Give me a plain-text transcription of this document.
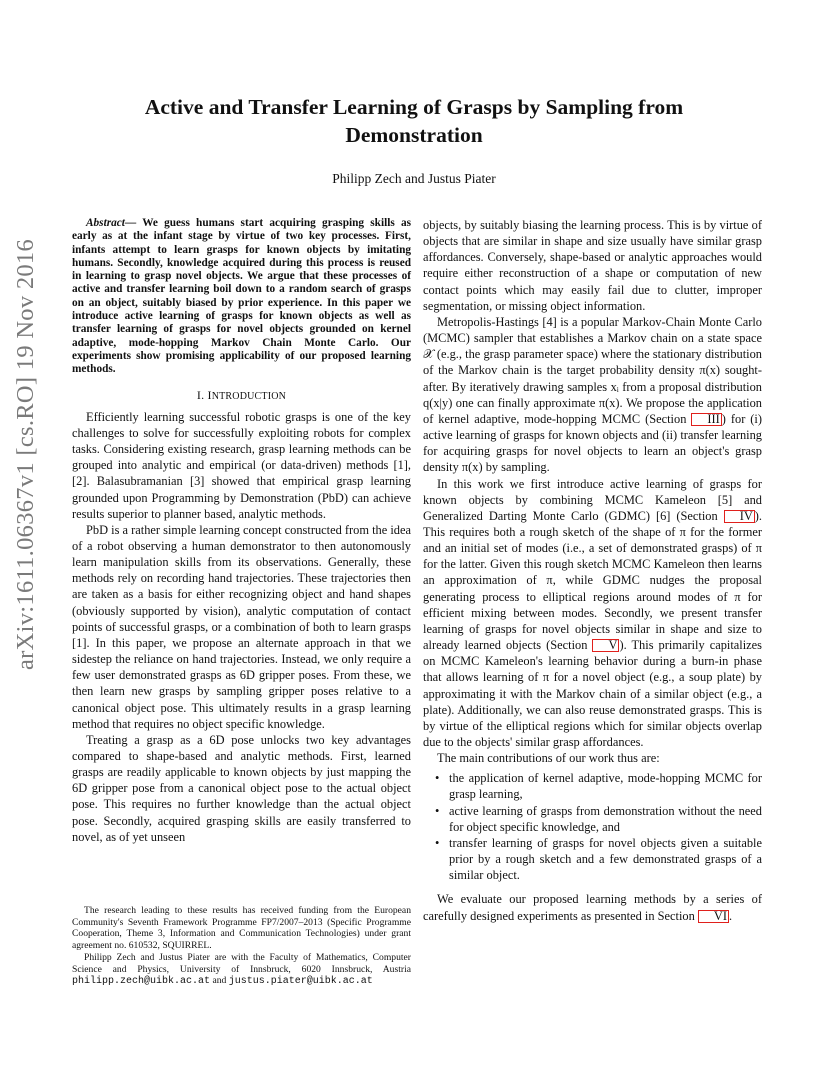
arXiv:1611.06367v1 [cs.RO] 19 Nov 2016
Active and Transfer Learning of Grasps by Sampling from
Demonstration
Philipp Zech and Justus Piater

Abstract— We guess humans start acquiring grasping skills as early as at the infant stage by virtue of two key processes. First, infants attempt to learn grasps for known objects by imitating humans. Secondly, knowledge acquired during this process is reused in learning to grasp novel objects. We argue that these processes of active and transfer learning boil down to a random search of grasps on an object, suitably biased by prior experience. In this paper we introduce active learning of grasps for known objects as well as transfer learning of grasps for novel objects grounded on kernel adaptive, mode-hopping Markov Chain Monte Carlo. Our experiments show promising applicability of our proposed learning methods.

I. INTRODUCTION

Efficiently learning successful robotic grasps is one of the key challenges to solve for successfully exploiting robots for complex tasks. Considering existing research, grasp learning methods can be grouped into analytic and empirical (or data-driven) methods [1], [2]. Balasubramanian [3] showed that empirical grasp learning grounded upon Programming by Demonstration (PbD) can achieve results superior to planner based, analytic methods.

PbD is a rather simple learning concept constructed from the idea of a robot observing a human demonstrator to then autonomously learn manipulation skills from its observations. Generally, these methods rely on recording hand trajectories. These trajectories then are taken as a basis for either recognizing object and hand shapes (obviously supported by vision), analytic computation of contact points of successful grasps, or a combination of both to learn grasps [1]. In this paper, we propose an alternate approach in that we sidestep the reliance on hand trajectories. Instead, we only require a few user demonstrated grasps as 6D gripper poses. From these, we then learn new grasps by sampling gripper poses relative to a canonical object pose. This ultimately results in a grasp learning method that requires no object specific knowledge.

Treating a grasp as a 6D pose unlocks two key advantages compared to shape-based and analytic methods. First, learned grasps are readily applicable to known objects by just mapping the 6D gripper pose from a canonical object pose to the actual object pose. This requires no further knowledge than the actual object pose. Secondly, acquired grasping skills are easily transferred to novel, as of yet unseen

The research leading to these results has received funding from the European Community's Seventh Framework Programme FP7/2007–2013 (Specific Programme Cooperation, Theme 3, Information and Communication Technologies) under grant agreement no. 610532, SQUIRREL.

Philipp Zech and Justus Piater are with the Faculty of Mathematics, Computer Science and Physics, University of Innsbruck, 6020 Innsbruck, Austria philipp.zech@uibk.ac.at and justus.piater@uibk.ac.at

objects, by suitably biasing the learning process. This is by virtue of objects that are similar in shape and size usually have similar grasp affordances. Conversely, shape-based or analytic approaches would require either reconstruction of a shape or computation of new contact points which may easily fail due to clutter, improper segmentation, or missing object information.

Metropolis-Hastings [4] is a popular Markov-Chain Monte Carlo (MCMC) sampler that establishes a Markov chain on a state space 𝒳 (e.g., the grasp parameter space) where the stationary distribution of the Markov chain is the target probability density π(x) sought-after. By iteratively drawing samples xᵢ from a proposal distribution q(x|y) one can finally approximate π(x). We propose the application of kernel adaptive, mode-hopping MCMC (Section III ) for (i) active learning of grasps for known objects and (ii) transfer learning for acquiring grasps for novel objects to learn an object's grasp density π(x) by sampling.

In this work we first introduce active learning of grasps for known objects by combining MCMC Kameleon [5] and Generalized Darting Monte Carlo (GDMC) [6] (Section IV ). This requires both a rough sketch of the shape of π for the former and an initial set of modes (i.e., a set of demonstrated grasps) of π for the latter. Given this rough sketch MCMC Kameleon then learns an approximation of π, while GDMC nudges the proposal generating process to elliptical regions around modes of π for efficient mixing between modes. Secondly, we present transfer learning of grasps for novel objects similar in shape and size to already learned objects (Section V ). This primarily capitalizes on MCMC Kameleon's learning behavior during a burn-in phase that allows learning of π for a novel object (e.g., a soup plate) by approximating it with the Markov chain of a similar object (e.g., a plate). Additionally, we can also reuse demonstrated grasps. This is by virtue of the elliptical regions which for similar objects overlap due to the objects' similar grasp affordances.

The main contributions of our work thus are:

• the application of kernel adaptive, mode-hopping MCMC for grasp learning,
• active learning of grasps from demonstration without the need for object specific knowledge, and
• transfer learning of grasps for novel objects given a suitable prior by a rough sketch and a few demonstrated grasps of a similar object.

We evaluate our proposed learning methods by a series of carefully designed experiments as presented in Section VI .
